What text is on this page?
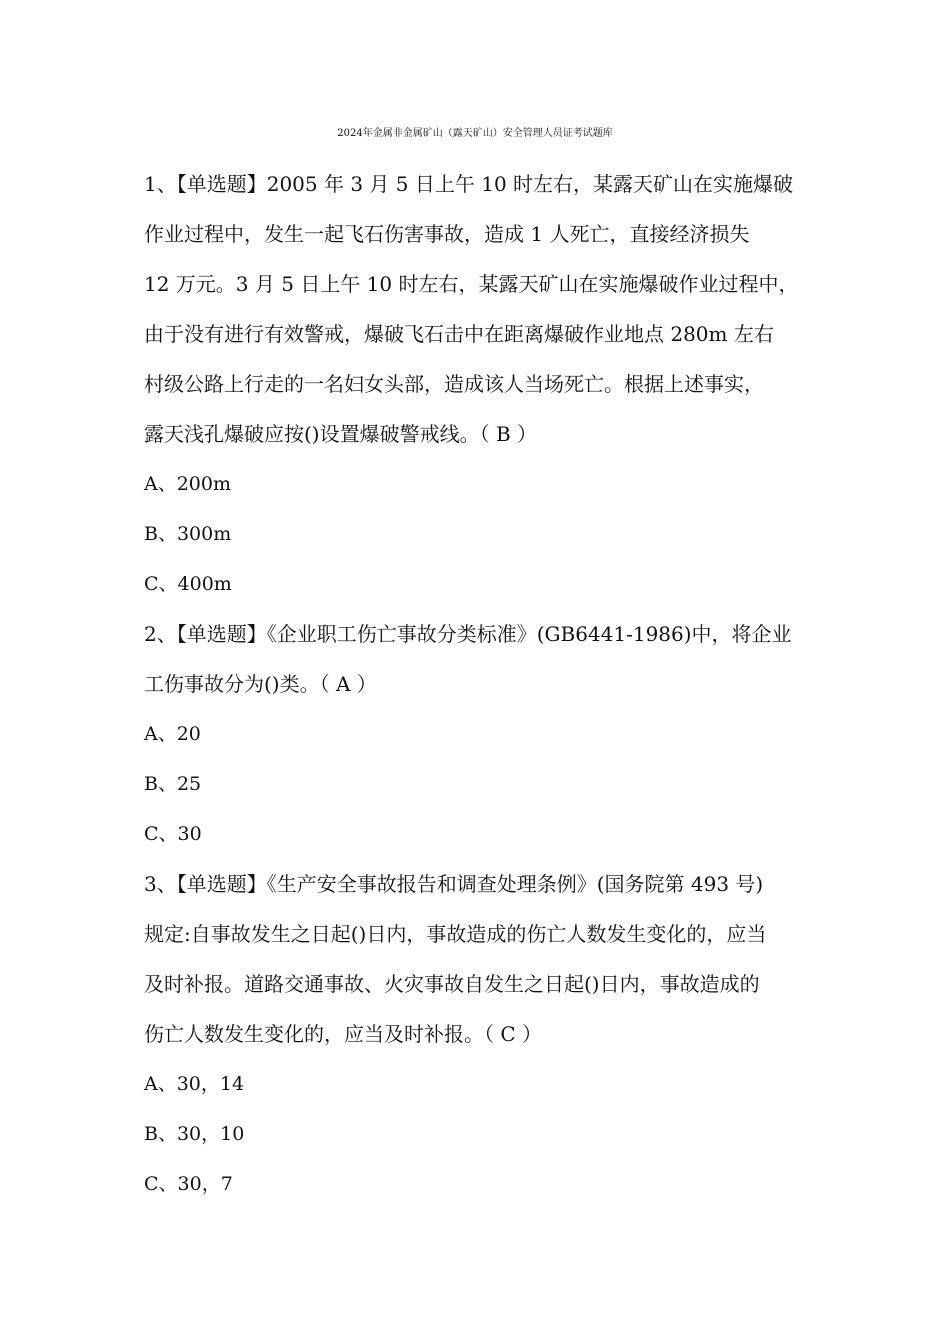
2024年金属非金属矿山（露天矿山）安全管理人员证考试题库
1、【单选题】2005 年 3 月 5 日上午 10 时左右，某露天矿山在实施爆破
作业过程中，发生一起飞石伤害事故，造成 1 人死亡，直接经济损失
12 万元。3 月 5 日上午 10 时左右，某露天矿山在实施爆破作业过程中，
由于没有进行有效警戒，爆破飞石击中在距离爆破作业地点 280m 左右
村级公路上行走的一名妇女头部，造成该人当场死亡。根据上述事实，
露天浅孔爆破应按()设置爆破警戒线。（ B ）
A、200m
B、300m
C、400m
2、【单选题】《企业职工伤亡事故分类标准》(GB6441-1986)中，将企业
工伤事故分为()类。（ A ）
A、20
B、25
C、30
3、【单选题】《生产安全事故报告和调查处理条例》(国务院第 493 号)
规定:自事故发生之日起()日内，事故造成的伤亡人数发生变化的，应当
及时补报。道路交通事故、火灾事故自发生之日起()日内，事故造成的
伤亡人数发生变化的，应当及时补报。（ C ）
A、30，14
B、30，10
C、30，7
